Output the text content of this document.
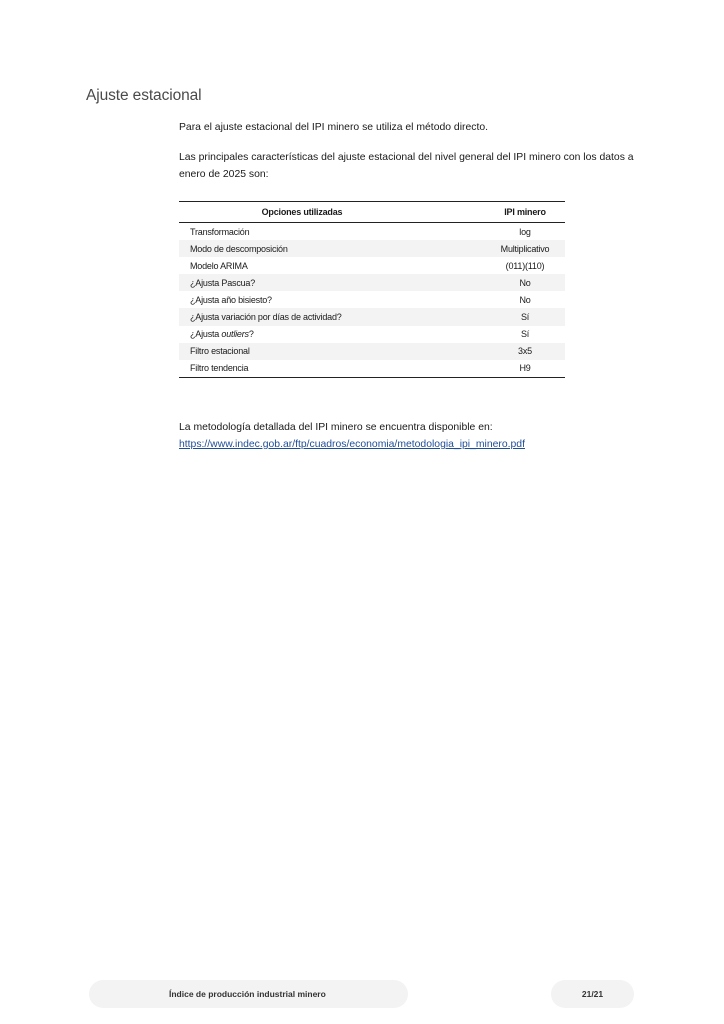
Ajuste estacional

Para el ajuste estacional del IPI minero se utiliza el método directo.

Las principales características del ajuste estacional del nivel general del IPI minero con los datos a enero de 2025 son:

Opciones utilizadas	IPI minero
Transformación	log
Modo de descomposición	Multiplicativo
Modelo ARIMA	(011)(110)
¿Ajusta Pascua?	No
¿Ajusta año bisiesto?	No
¿Ajusta variación por días de actividad?	Sí
¿Ajusta outliers?	Sí
Filtro estacional	3x5
Filtro tendencia	H9
La metodología detallada del IPI minero se encuentra disponible en:
https://www.indec.gob.ar/ftp/cuadros/economia/metodologia_ipi_minero.pdf
Índice de producción industrial minero	21/21
